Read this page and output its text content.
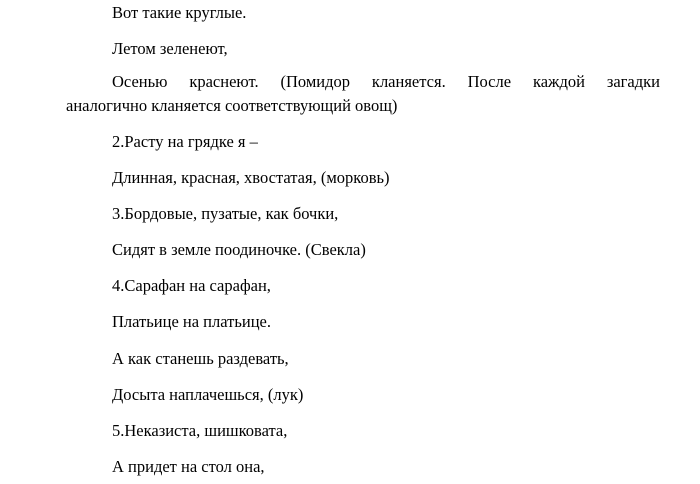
Вот такие круглые.
Летом зеленеют,
Осенью краснеют. (Помидор кланяется. После каждой загадки
аналогично кланяется соответствующий овощ)
2.Расту на грядке я –
Длинная, красная, хвостатая, (морковь)
3.Бордовые, пузатые, как бочки,
Сидят в земле поодиночке. (Свекла)
4.Сарафан на сарафан,
Платьице на платьице.
А как станешь раздевать,
Досыта наплачешься, (лук)
5.Неказиста, шишковата,
А придет на стол она,
